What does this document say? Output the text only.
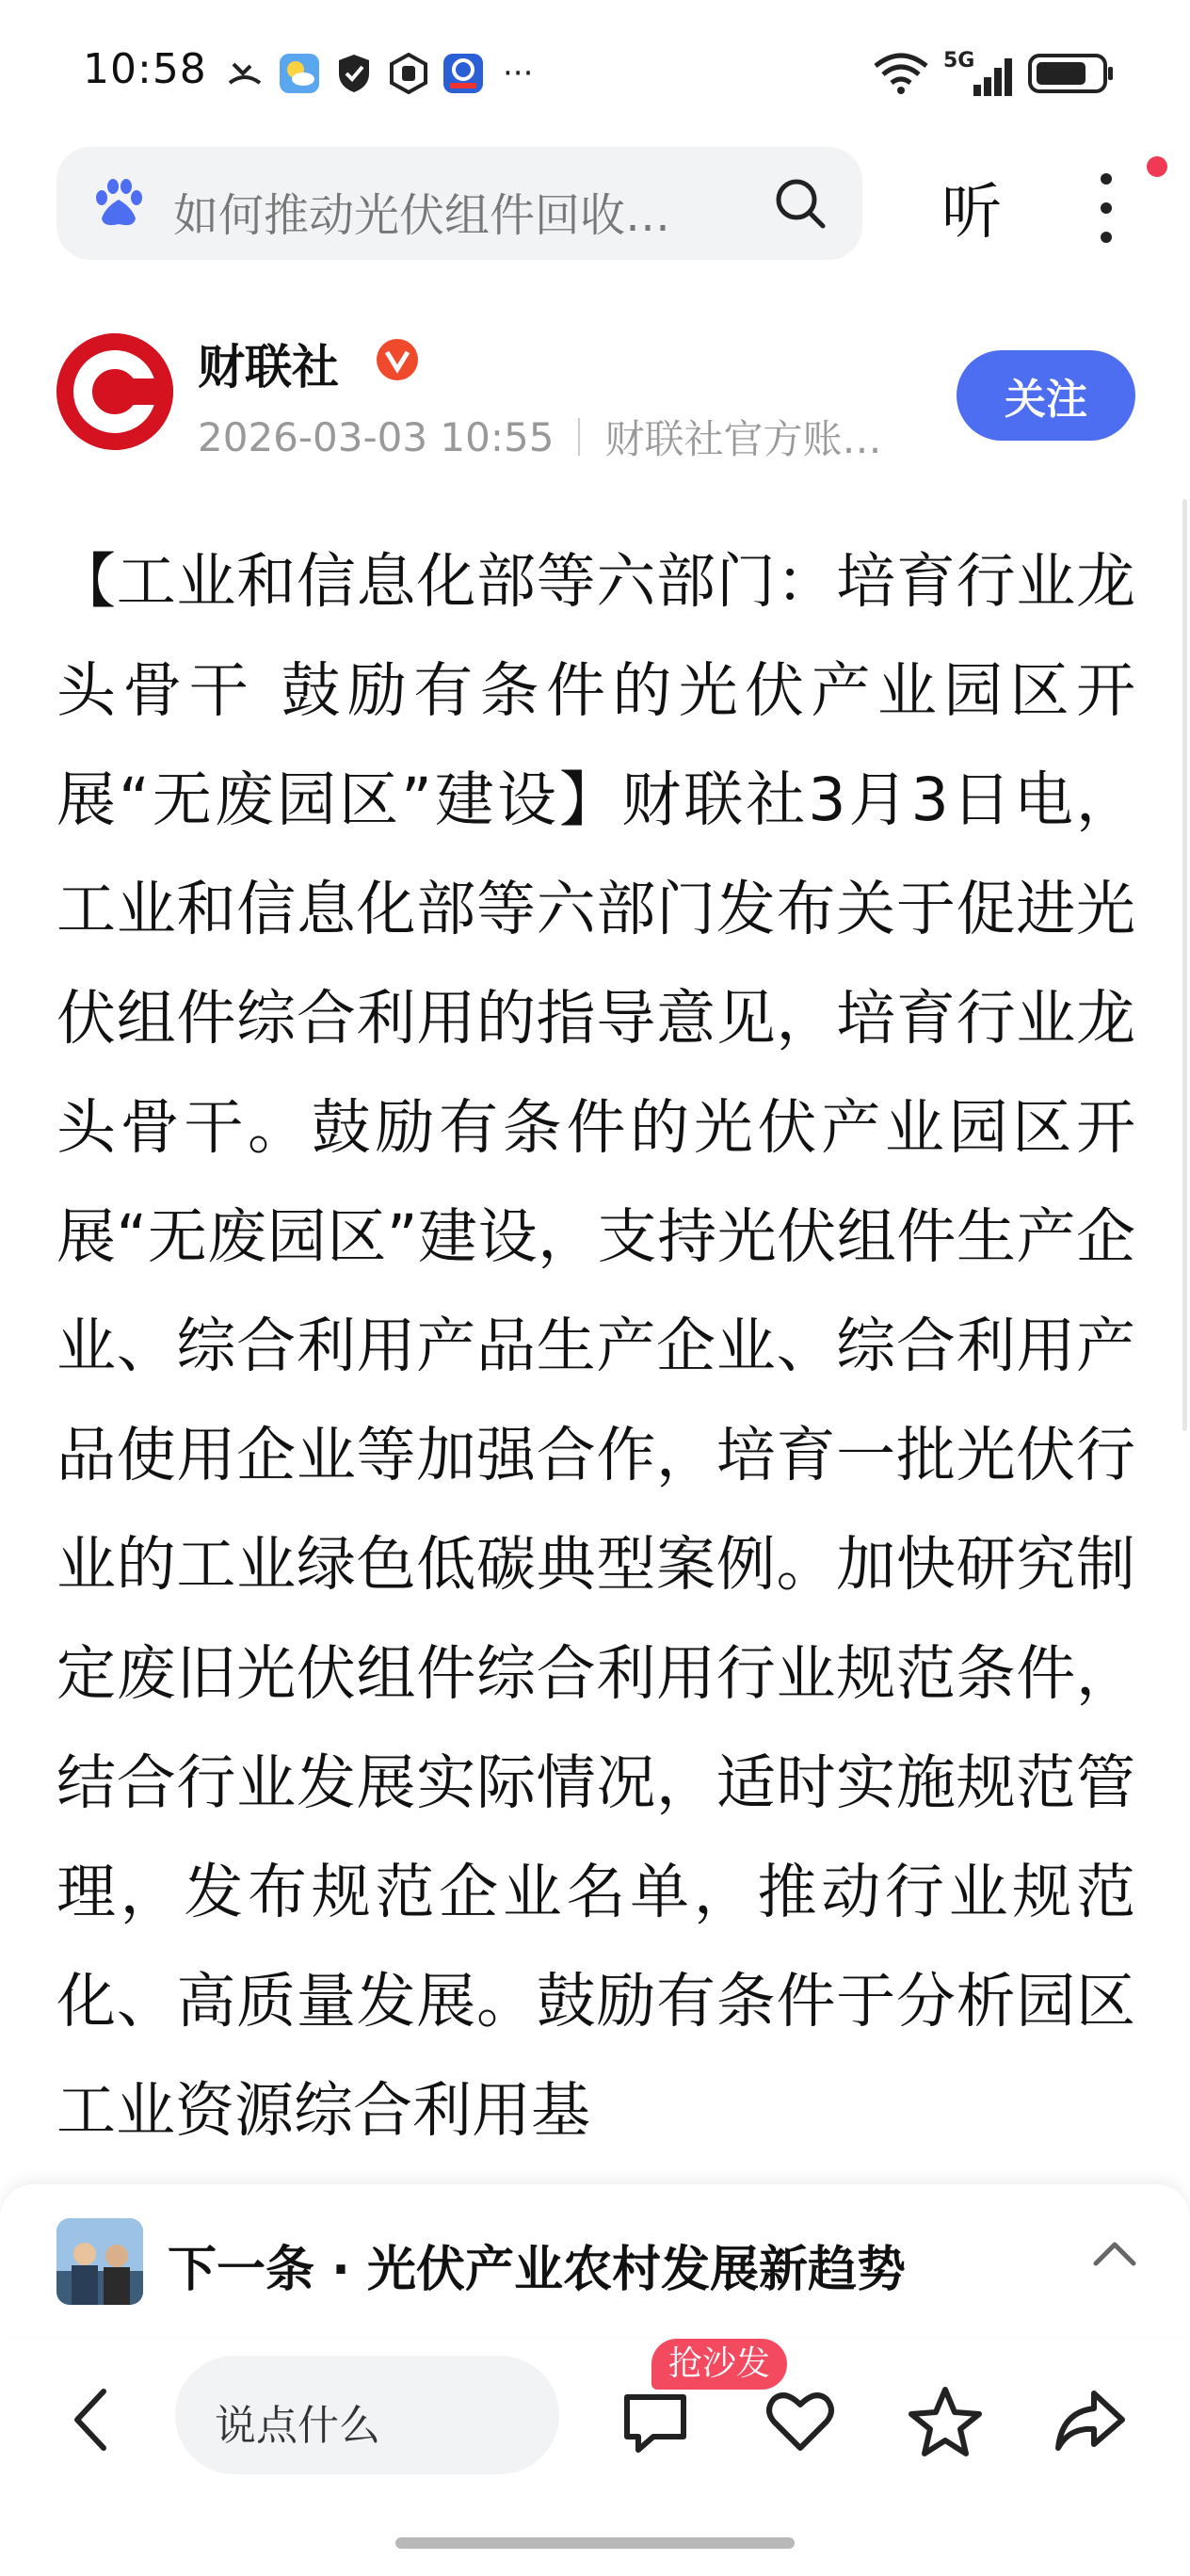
10:58	···	5G
如何推动光伏组件回收…	听
财联社
2026-03-03 10:55 财联社官方账…
关注

【工业和信息化部等六部门：培育行业龙头骨干 鼓励有条件的光伏产业园区开展“无废园区”建设】财联社3月3日电，工业和信息化部等六部门发布关于促进光伏组件综合利用的指导意见，培育行业龙头骨干。鼓励有条件的光伏产业园区开展“无废园区”建设，支持光伏组件生产企业、综合利用产品生产企业、综合利用产品使用企业等加强合作，培育一批光伏行业的工业绿色低碳典型案例。加快研究制定废旧光伏组件综合利用行业规范条件，结合行业发展实际情况，适时实施规范管理，发布规范企业名单，推动行业规范化、高质量发展。鼓励有条件于分析园区工业资源综合利用基

下一条 · 光伏产业农村发展新趋势
说点什么
抢沙发
